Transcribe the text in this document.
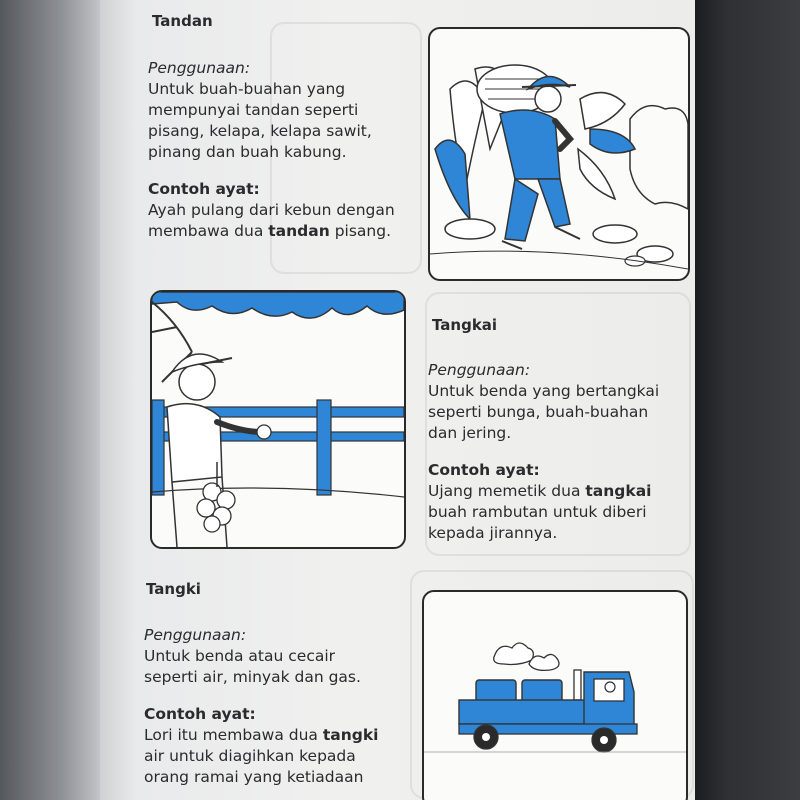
Tandan
Penggunaan:
Untuk buah-buahan yang
mempunyai tandan seperti
pisang, kelapa, kelapa sawit,
pinang dan buah kabung.
Contoh ayat:
Ayah pulang dari kebun dengan
membawa dua tandan pisang.
Tangkai
Penggunaan:
Untuk benda yang bertangkai
seperti bunga, buah-buahan
dan jering.
Contoh ayat:
Ujang memetik dua tangkai
buah rambutan untuk diberi
kepada jirannya.
Tangki
Penggunaan:
Untuk benda atau cecair
seperti air, minyak dan gas.
Contoh ayat:
Lori itu membawa dua tangki
air untuk diagihkan kepada
orang ramai yang ketiadaan
